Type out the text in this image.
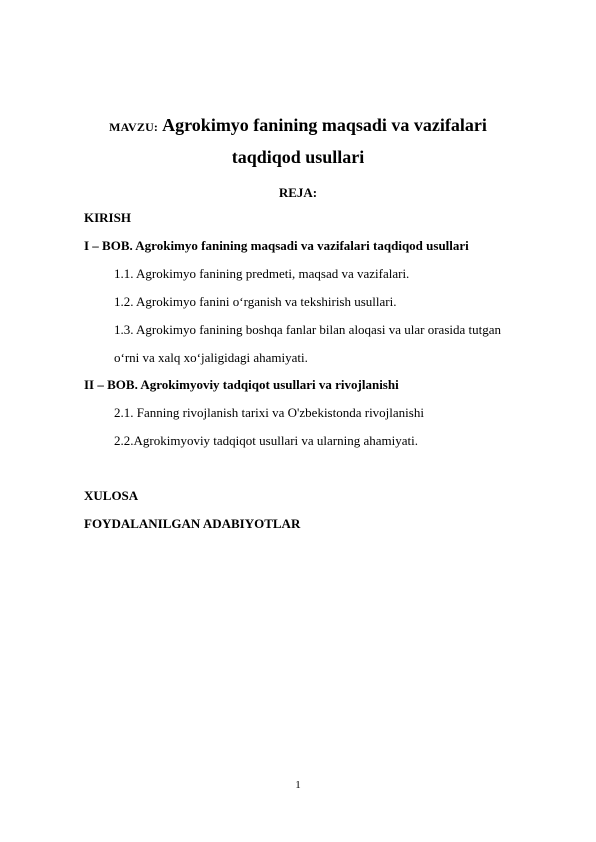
MAVZU: Agrokimyo fanining maqsadi va vazifalari
taqdiqod usullari
REJA:
KIRISH
I – BOB. Agrokimyo fanining maqsadi va vazifalari taqdiqod usullari
1.1. Agrokimyo fanining predmeti, maqsad va vazifalari.
1.2. Agrokimyo fanini o‘rganish va tekshirish usullari.
1.3. Agrokimyo fanining boshqa fanlar bilan aloqasi va ular orasida tutgan
o‘rni va xalq xo‘jaligidagi ahamiyati.
II – BOB. Agrokimyoviy tadqiqot usullari va rivojlanishi
2.1. Fanning rivojlanish tarixi va O'zbekistonda rivojlanishi
2.2.Agrokimyoviy tadqiqot usullari va ularning ahamiyati.
XULOSA
FOYDALANILGAN ADABIYOTLAR
1
